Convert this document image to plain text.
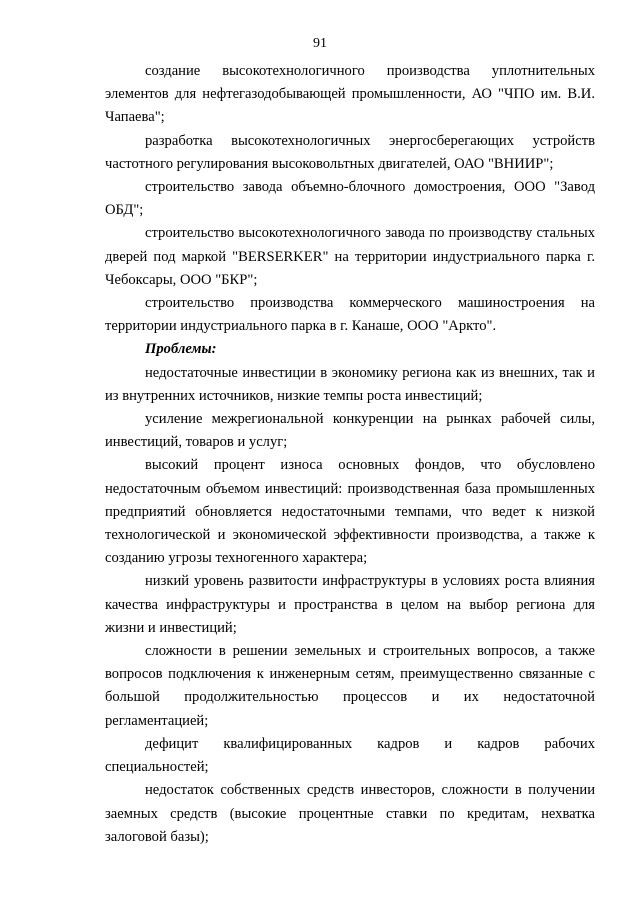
91

создание высокотехнологичного производства уплотнительных элементов для нефтегазодобывающей промышленности, АО "ЧПО им. В.И. Чапаева";

разработка высокотехнологичных энергосберегающих устройств частотного регулирования высоковольтных двигателей, ОАО "ВНИИР";

строительство завода объемно-блочного домостроения, ООО "Завод ОБД";

строительство высокотехнологичного завода по производству стальных дверей под маркой "BERSERKER" на территории индустриального парка г. Чебоксары, ООО "БКР";

строительство производства коммерческого машиностроения на территории индустриального парка в г. Канаше, ООО "Аркто".

Проблемы:

недостаточные инвестиции в экономику региона как из внешних, так и из внутренних источников, низкие темпы роста инвестиций;

усиление межрегиональной конкуренции на рынках рабочей силы, инвестиций, товаров и услуг;

высокий процент износа основных фондов, что обусловлено недостаточным объемом инвестиций: производственная база промышленных предприятий обновляется недостаточными темпами, что ведет к низкой технологической и экономической эффективности производства, а также к созданию угрозы техногенного характера;

низкий уровень развитости инфраструктуры в условиях роста влияния качества инфраструктуры и пространства в целом на выбор региона для жизни и инвестиций;

сложности в решении земельных и строительных вопросов, а также вопросов подключения к инженерным сетям, преимущественно связанные с большой продолжительностью процессов и их недостаточной регламентацией;

дефицит квалифицированных кадров и кадров рабочих специальностей;

недостаток собственных средств инвесторов, сложности в получении заемных средств (высокие процентные ставки по кредитам, нехватка залоговой базы);
